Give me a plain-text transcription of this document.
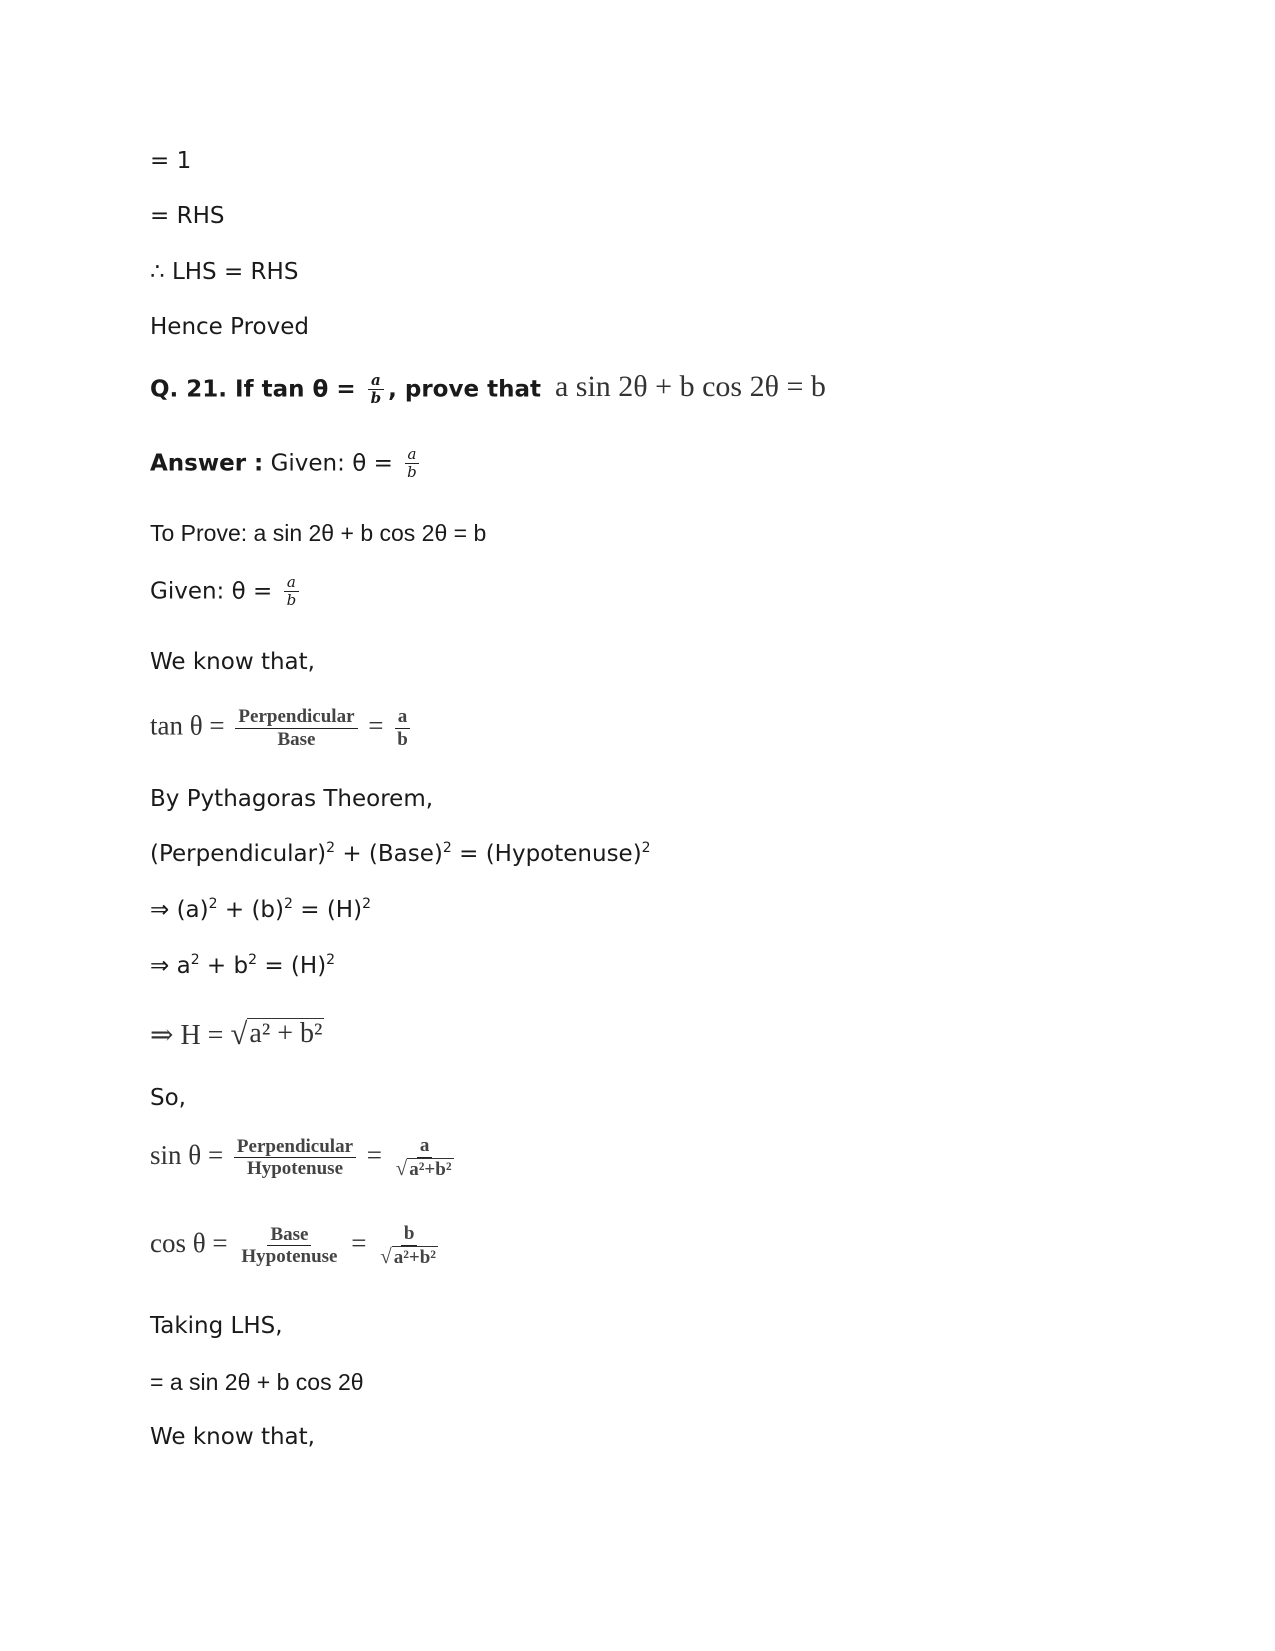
= 1
= RHS
∴ LHS = RHS
Hence Proved
Q. 21. If $\tan \theta = \frac{a}{b}$ , prove that a sin 2θ + b cos 2θ = b
Answer : Given: $\theta = \frac{a}{b}$
To Prove: a sin 2θ + b cos 2θ = b
Given: $\theta = \frac{a}{b}$
We know that,
$\tan \theta = \frac{\text{Perpendicular}}{\text{Base}} = \frac{a}{b}$
By Pythagoras Theorem,
(Perpendicular)$^2$ + (Base)$^2$ = (Hypotenuse)$^2$
⇒ $(a)^2 + (b)^2 = (H)^2$
⇒ $a^2 + b^2 = (H)^2$
⇒ H = √ a² + b²
So,
$\sin \theta = \frac{\text{Perpendicular}}{\text{Hypotenuse}} = \frac{a}{\text{√ a²+b²}}$
$\cos \theta = \frac{\text{Base}}{\text{Hypotenuse}} = \frac{b}{\text{√ a²+b²}}$
Taking LHS,
= a sin 2θ + b cos 2θ
We know that,
